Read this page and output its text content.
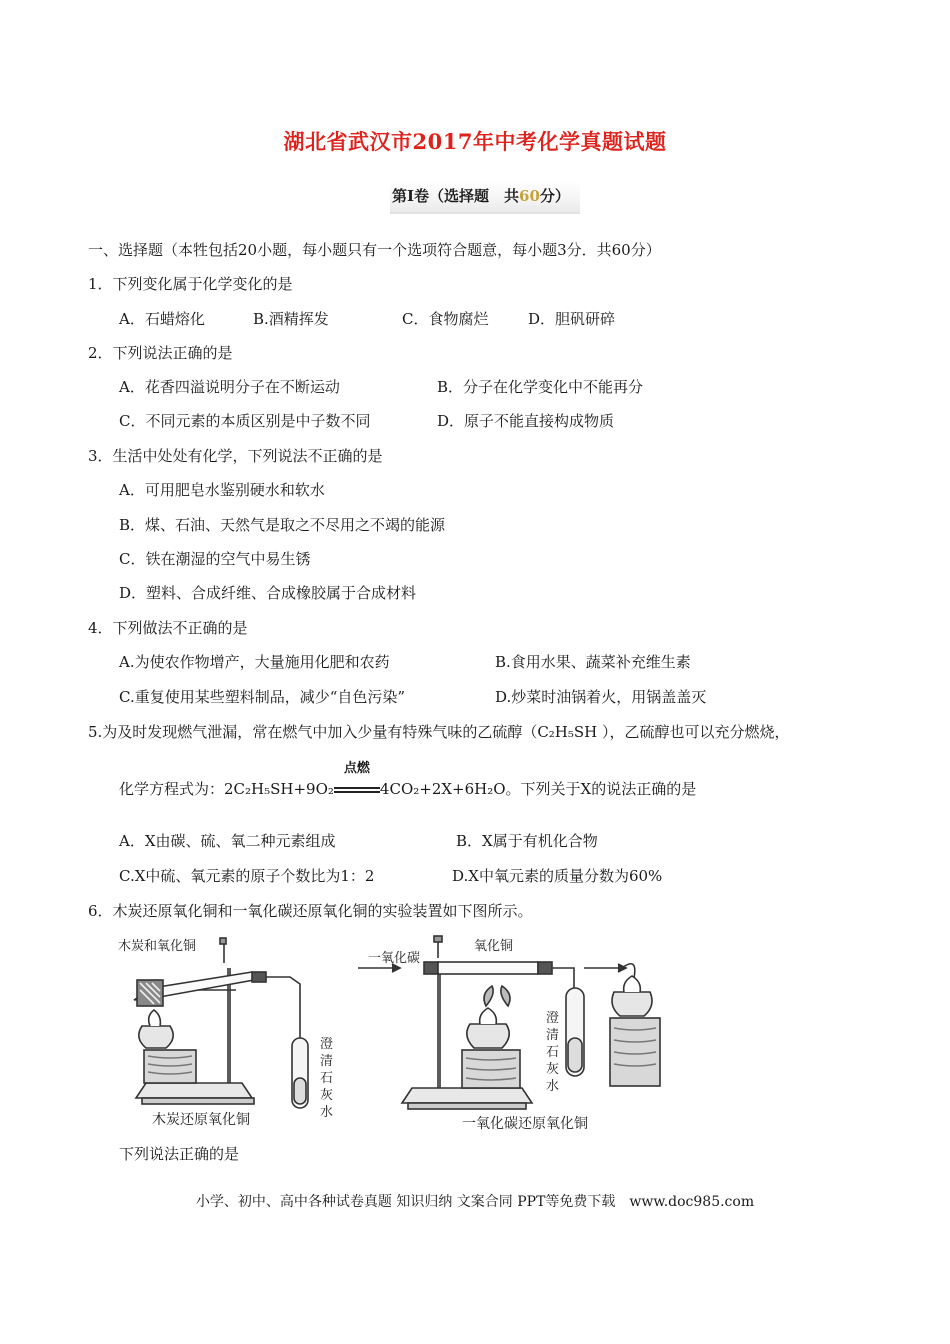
湖北省武汉市2017年中考化学真题试题
第Ⅰ卷（选择题　共60分）
一、选择题（本牲包括20小题，每小题只有一个选项符合题意，每小题3分．共60分）
1．下列变化属于化学变化的是
A．石蜡熔化	B.酒精挥发	C．食物腐烂	D．胆矾研碎
2．下列说法正确的是
A．花香四溢说明分子在不断运动	B．分子在化学变化中不能再分
C．不同元素的本质区别是中子数不同	D．原子不能直接构成物质
3．生活中处处有化学，下列说法不正确的是
A．可用肥皂水鉴别硬水和软水
B．煤、石油、天然气是取之不尽用之不竭的能源
C．铁在潮湿的空气中易生锈
D．塑料、合成纤维、合成橡胶属于合成材料
4．下列做法不正确的是
A.为使农作物增产，大量施用化肥和农药	B.食用水果、蔬菜补充维生素
C.重复使用某些塑料制品，减少“自色污染”	D.炒菜时油锅着火，用锅盖盖灭
5.为及时发现燃气泄漏，常在燃气中加入少量有特殊气味的乙硫醇（C₂H₅SH ），乙硫醇也可以充分燃烧，
化学方程式为：2C₂H₅SH+9O₂
点燃
4CO₂+2X+6H₂O。下列关于X的说法正确的是
A．X由碳、硫、氧二种元素组成	B．X属于有机化合物
C.X中硫、氧元素的原子个数比为1：2	D.X中氧元素的质量分数为60%
6．木炭还原氧化铜和一氧化碳还原氧化铜的实验装置如下图所示。
木炭和氧化铜
澄
清
石
灰
水
木炭还原氧化铜
一氧化碳
氧化铜
澄
清
石
灰
水
一氧化碳还原氧化铜
下列说法正确的是
小学、初中、高中各种试卷真题 知识归纳 文案合同 PPT等免费下载　www.doc985.com
